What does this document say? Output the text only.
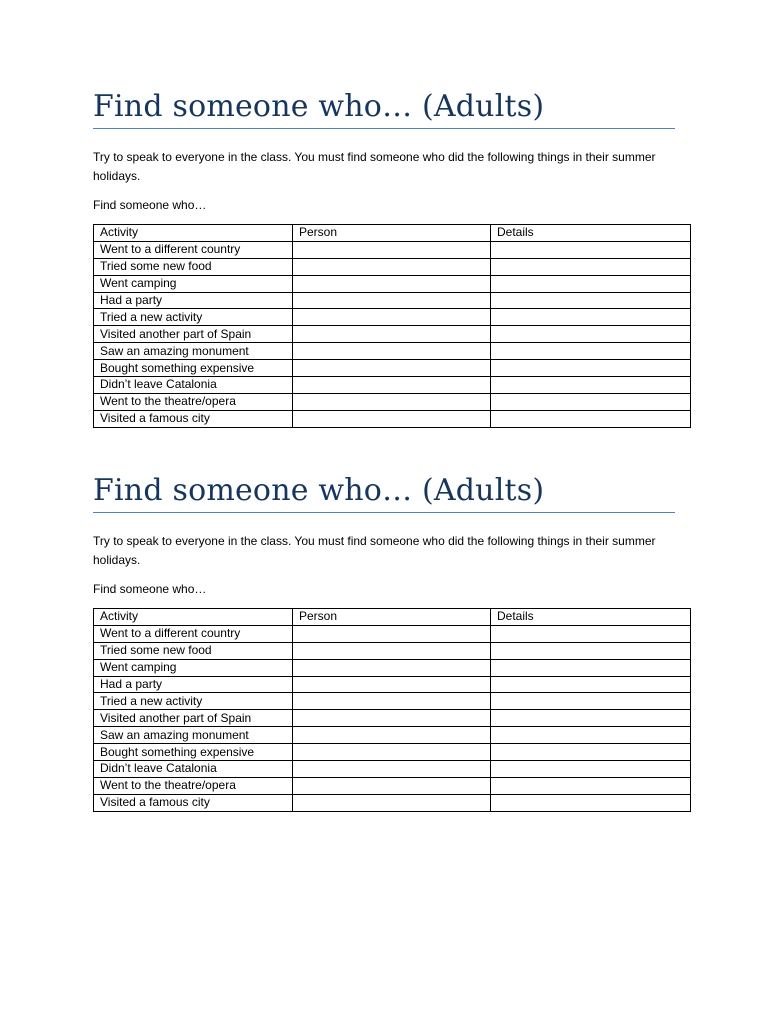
Find someone who… (Adults)

Try to speak to everyone in the class. You must find someone who did the following things in their summer holidays.

Find someone who…

Activity	Person	Details
Went to a different country		
Tried some new food		
Went camping		
Had a party		
Tried a new activity		
Visited another part of Spain		
Saw an amazing monument		
Bought something expensive		
Didn’t leave Catalonia		
Went to the theatre/opera		
Visited a famous city		
Find someone who… (Adults)

Try to speak to everyone in the class. You must find someone who did the following things in their summer holidays.

Find someone who…

Activity	Person	Details
Went to a different country		
Tried some new food		
Went camping		
Had a party		
Tried a new activity		
Visited another part of Spain		
Saw an amazing monument		
Bought something expensive		
Didn’t leave Catalonia		
Went to the theatre/opera		
Visited a famous city		
